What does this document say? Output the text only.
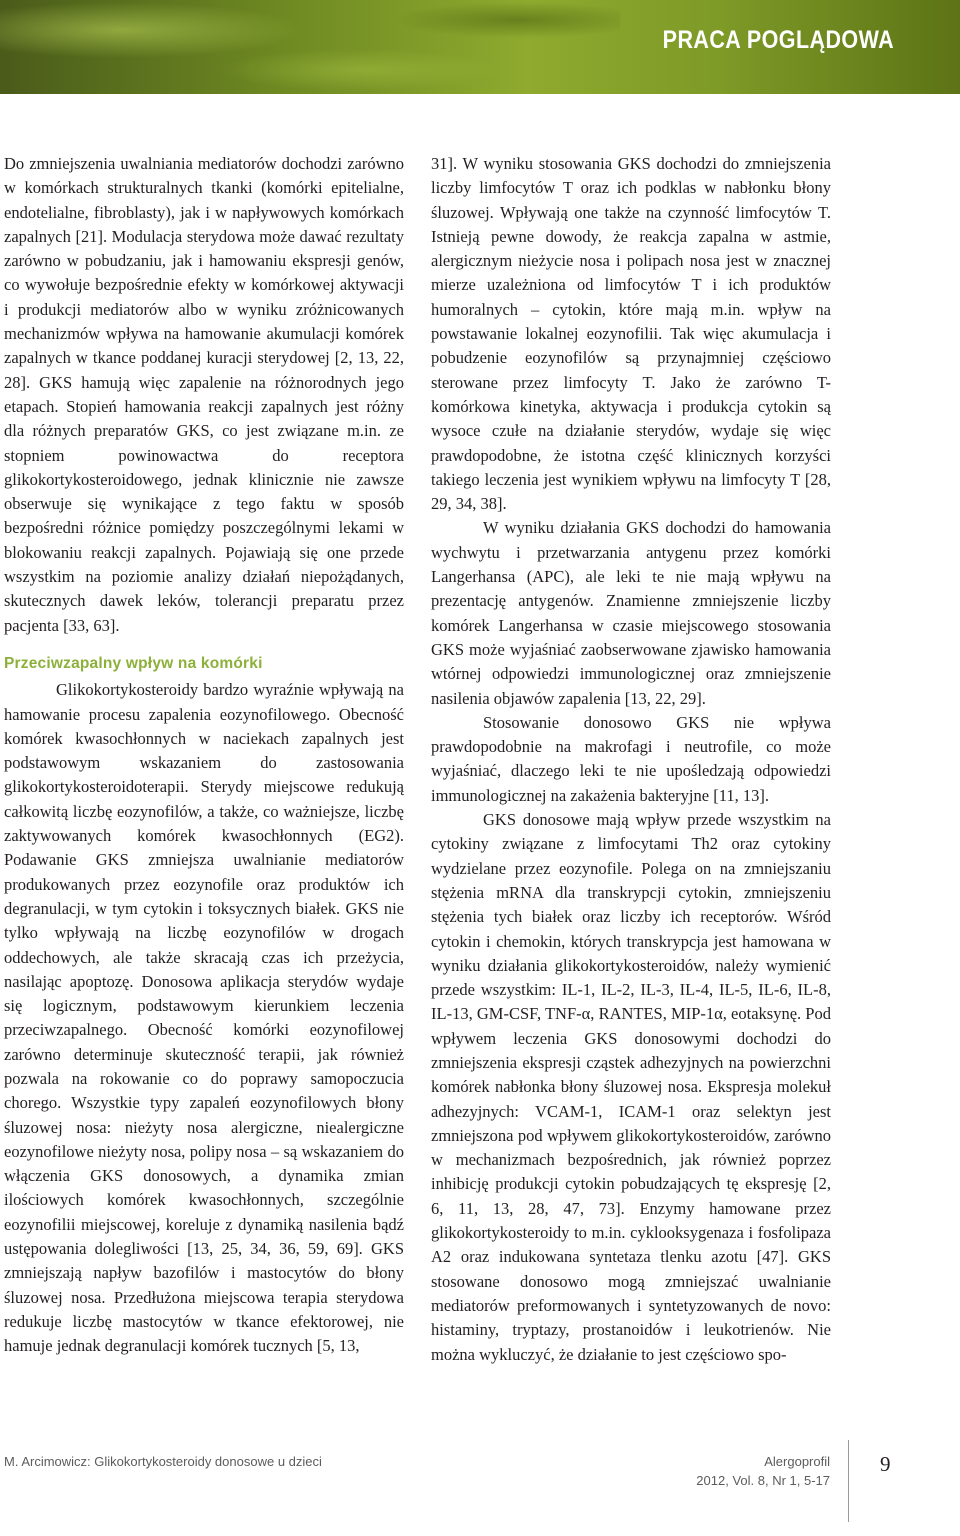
PRACA POGLĄDOWA

Do zmniejszenia uwalniania mediatorów dochodzi zarówno w komórkach strukturalnych tkanki (komórki epitelialne, endotelialne, fibroblasty), jak i w napływowych komórkach zapalnych [21]. Modulacja sterydowa może dawać rezultaty zarówno w pobudzaniu, jak i hamowaniu ekspresji genów, co wywołuje bezpośrednie efekty w komórkowej aktywacji i produkcji mediatorów albo w wyniku zróżnicowanych mechanizmów wpływa na hamowanie akumulacji komórek zapalnych w tkance poddanej kuracji sterydowej [2, 13, 22, 28]. GKS hamują więc zapalenie na różnorodnych jego etapach. Stopień hamowania reakcji zapalnych jest różny dla różnych preparatów GKS, co jest związane m.in. ze stopniem powinowactwa do receptora glikokortykosteroidowego, jednak klinicznie nie zawsze obserwuje się wynikające z tego faktu w sposób bezpośredni różnice pomiędzy poszczególnymi lekami w blokowaniu reakcji zapalnych. Pojawiają się one przede wszystkim na poziomie analizy działań niepożądanych, skutecznych dawek leków, tolerancji preparatu przez pacjenta [33, 63].

Przeciwzapalny wpływ na komórki

Glikokortykosteroidy bardzo wyraźnie wpływają na hamowanie procesu zapalenia eozynofilowego. Obecność komórek kwasochłonnych w naciekach zapalnych jest podstawowym wskazaniem do zastosowania glikokortykosteroidoterapii. Sterydy miejscowe redukują całkowitą liczbę eozynofilów, a także, co ważniejsze, liczbę zaktywowanych komórek kwasochłonnych (EG2). Podawanie GKS zmniejsza uwalnianie mediatorów produkowanych przez eozynofile oraz produktów ich degranulacji, w tym cytokin i toksycznych białek. GKS nie tylko wpływają na liczbę eozynofilów w drogach oddechowych, ale także skracają czas ich przeżycia, nasilając apoptozę. Donosowa aplikacja sterydów wydaje się logicznym, podstawowym kierunkiem leczenia przeciwzapalnego. Obecność komórki eozynofilowej zarówno determinuje skuteczność terapii, jak również pozwala na rokowanie co do poprawy samopoczucia chorego. Wszystkie typy zapaleń eozynofilowych błony śluzowej nosa: nieżyty nosa alergiczne, niealergiczne eozynofilowe nieżyty nosa, polipy nosa – są wskazaniem do włączenia GKS donosowych, a dynamika zmian ilościowych komórek kwasochłonnych, szczególnie eozynofilii miejscowej, koreluje z dynamiką nasilenia bądź ustępowania dolegliwości [13, 25, 34, 36, 59, 69]. GKS zmniejszają napływ bazofilów i mastocytów do błony śluzowej nosa. Przedłużona miejscowa terapia sterydowa redukuje liczbę mastocytów w tkance efektorowej, nie hamuje jednak degranulacji komórek tucznych [5, 13,

31]. W wyniku stosowania GKS dochodzi do zmniejszenia liczby limfocytów T oraz ich podklas w nabłonku błony śluzowej. Wpływają one także na czynność limfocytów T. Istnieją pewne dowody, że reakcja zapalna w astmie, alergicznym nieżycie nosa i polipach nosa jest w znacznej mierze uzależniona od limfocytów T i ich produktów humoralnych – cytokin, które mają m.in. wpływ na powstawanie lokalnej eozynofilii. Tak więc akumulacja i pobudzenie eozynofilów są przynajmniej częściowo sterowane przez limfocyty T. Jako że zarówno T-komórkowa kinetyka, aktywacja i produkcja cytokin są wysoce czułe na działanie sterydów, wydaje się więc prawdopodobne, że istotna część klinicznych korzyści takiego leczenia jest wynikiem wpływu na limfocyty T [28, 29, 34, 38].

W wyniku działania GKS dochodzi do hamowania wychwytu i przetwarzania antygenu przez komórki Langerhansa (APC), ale leki te nie mają wpływu na prezentację antygenów. Znamienne zmniejszenie liczby komórek Langerhansa w czasie miejscowego stosowania GKS może wyjaśniać zaobserwowane zjawisko hamowania wtórnej odpowiedzi immunologicznej oraz zmniejszenie nasilenia objawów zapalenia [13, 22, 29].

Stosowanie donosowo GKS nie wpływa prawdopodobnie na makrofagi i neutrofile, co może wyjaśniać, dlaczego leki te nie upośledzają odpowiedzi immunologicznej na zakażenia bakteryjne [11, 13].

GKS donosowe mają wpływ przede wszystkim na cytokiny związane z limfocytami Th2 oraz cytokiny wydzielane przez eozynofile. Polega on na zmniejszaniu stężenia mRNA dla transkrypcji cytokin, zmniejszeniu stężenia tych białek oraz liczby ich receptorów. Wśród cytokin i chemokin, których transkrypcja jest hamowana w wyniku działania glikokortykosteroidów, należy wymienić przede wszystkim: IL-1, IL-2, IL-3, IL-4, IL-5, IL-6, IL-8, IL-13, GM-CSF, TNF-α, RANTES, MIP-1α, eotaksynę. Pod wpływem leczenia GKS donosowymi dochodzi do zmniejszenia ekspresji cząstek adhezyjnych na powierzchni komórek nabłonka błony śluzowej nosa. Ekspresja molekuł adhezyjnych: VCAM-1, ICAM-1 oraz selektyn jest zmniejszona pod wpływem glikokortykosteroidów, zarówno w mechanizmach bezpośrednich, jak również poprzez inhibicję produkcji cytokin pobudzających tę ekspresję [2, 6, 11, 13, 28, 47, 73]. Enzymy hamowane przez glikokortykosteroidy to m.in. cyklooksygenaza i fosfolipaza A2 oraz indukowana syntetaza tlenku azotu [47]. GKS stosowane donosowo mogą zmniejszać uwalnianie mediatorów preformowanych i syntetyzowanych de novo: histaminy, tryptazy, prostanoidów i leukotrienów. Nie można wykluczyć, że działanie to jest częściowo spo-

M. Arcimowicz: Glikokortykosteroidy donosowe u dzieci	Alergoprofil
2012, Vol. 8, Nr 1, 5-17
9
